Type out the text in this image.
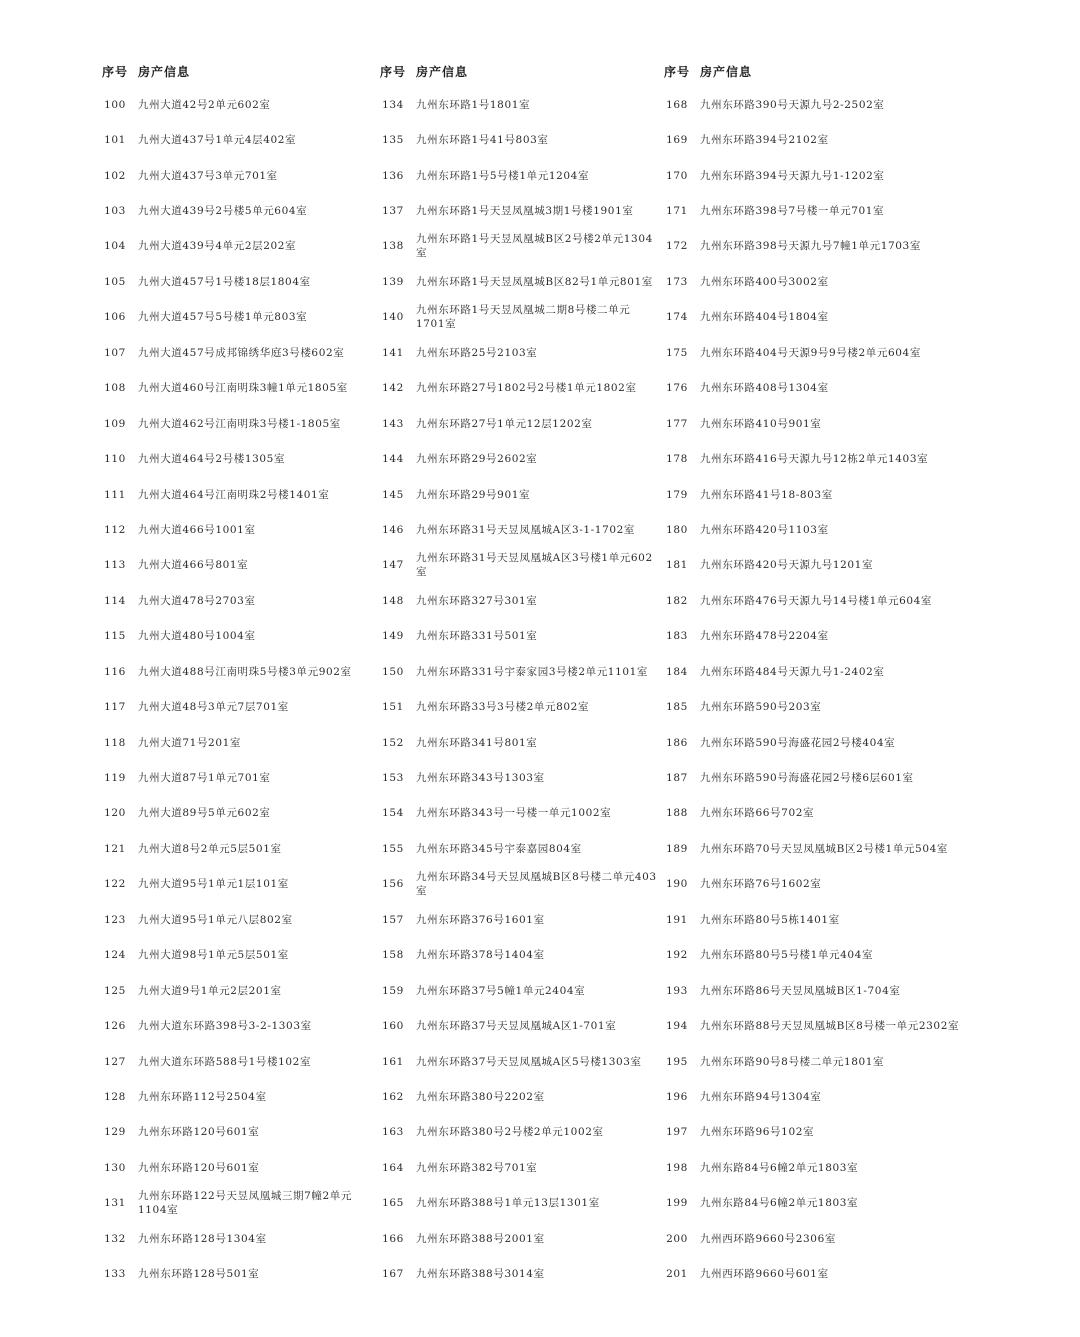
序号 房产信息
100	九州大道42号2单元602室
101	九州大道437号1单元4层402室
102	九州大道437号3单元701室
103	九州大道439号2号楼5单元604室
104	九州大道439号4单元2层202室
105	九州大道457号1号楼18层1804室
106	九州大道457号5号楼1单元803室
107	九州大道457号成邦锦绣华庭3号楼602室
108	九州大道460号江南明珠3幢1单元1805室
109	九州大道462号江南明珠3号楼1-1805室
110	九州大道464号2号楼1305室
111	九州大道464号江南明珠2号楼1401室
112	九州大道466号1001室
113	九州大道466号801室
114	九州大道478号2703室
115	九州大道480号1004室
116	九州大道488号江南明珠5号楼3单元902室
117	九州大道48号3单元7层701室
118	九州大道71号201室
119	九州大道87号1单元701室
120	九州大道89号5单元602室
121	九州大道8号2单元5层501室
122	九州大道95号1单元1层101室
123	九州大道95号1单元八层802室
124	九州大道98号1单元5层501室
125	九州大道9号1单元2层201室
126	九州大道东环路398号3-2-1303室
127	九州大道东环路588号1号楼102室
128	九州东环路112号2504室
129	九州东环路120号601室
130	九州东环路120号601室
131
九州东环路122号天昱凤凰城三期7幢2单元1104室
132	九州东环路128号1304室
133	九州东环路128号501室
序号 房产信息
134	九州东环路1号1801室
135	九州东环路1号41号803室
136	九州东环路1号5号楼1单元1204室
137	九州东环路1号天昱凤凰城3期1号楼1901室
138
九州东环路1号天昱凤凰城B区2号楼2单元1304室
139	九州东环路1号天昱凤凰城B区82号1单元801室
140
九州东环路1号天昱凤凰城二期8号楼二单元1701室
141	九州东环路25号2103室
142	九州东环路27号1802号2号楼1单元1802室
143	九州东环路27号1单元12层1202室
144	九州东环路29号2602室
145	九州东环路29号901室
146	九州东环路31号天昱凤凰城A区3-1-1702室
147
九州东环路31号天昱凤凰城A区3号楼1单元602室
148	九州东环路327号301室
149	九州东环路331号501室
150	九州东环路331号宇泰家园3号楼2单元1101室
151	九州东环路33号3号楼2单元802室
152	九州东环路341号801室
153	九州东环路343号1303室
154	九州东环路343号一号楼一单元1002室
155	九州东环路345号宇泰嘉园804室
156
九州东环路34号天昱凤凰城B区8号楼二单元403室
157	九州东环路376号1601室
158	九州东环路378号1404室
159	九州东环路37号5幢1单元2404室
160	九州东环路37号天昱凤凰城A区1-701室
161	九州东环路37号天昱凤凰城A区5号楼1303室
162	九州东环路380号2202室
163	九州东环路380号2号楼2单元1002室
164	九州东环路382号701室
165	九州东环路388号1单元13层1301室
166	九州东环路388号2001室
167	九州东环路388号3014室
序号 房产信息
168	九州东环路390号天源九号2-2502室
169	九州东环路394号2102室
170	九州东环路394号天源九号1-1202室
171	九州东环路398号7号楼一单元701室
172	九州东环路398号天源九号7幢1单元1703室
173	九州东环路400号3002室
174	九州东环路404号1804室
175	九州东环路404号天源9号9号楼2单元604室
176	九州东环路408号1304室
177	九州东环路410号901室
178	九州东环路416号天源九号12栋2单元1403室
179	九州东环路41号18-803室
180	九州东环路420号1103室
181	九州东环路420号天源九号1201室
182	九州东环路476号天源九号14号楼1单元604室
183	九州东环路478号2204室
184	九州东环路484号天源九号1-2402室
185	九州东环路590号203室
186	九州东环路590号海盛花园2号楼404室
187	九州东环路590号海盛花园2号楼6层601室
188	九州东环路66号702室
189	九州东环路70号天昱凤凰城B区2号楼1单元504室
190	九州东环路76号1602室
191	九州东环路80号5栋1401室
192	九州东环路80号5号楼1单元404室
193	九州东环路86号天昱凤凰城B区1-704室
194	九州东环路88号天昱凤凰城B区8号楼一单元2302室
195	九州东环路90号8号楼二单元1801室
196	九州东环路94号1304室
197	九州东环路96号102室
198	九州东路84号6幢2单元1803室
199	九州东路84号6幢2单元1803室
200	九州西环路9660号2306室
201	九州西环路9660号601室
